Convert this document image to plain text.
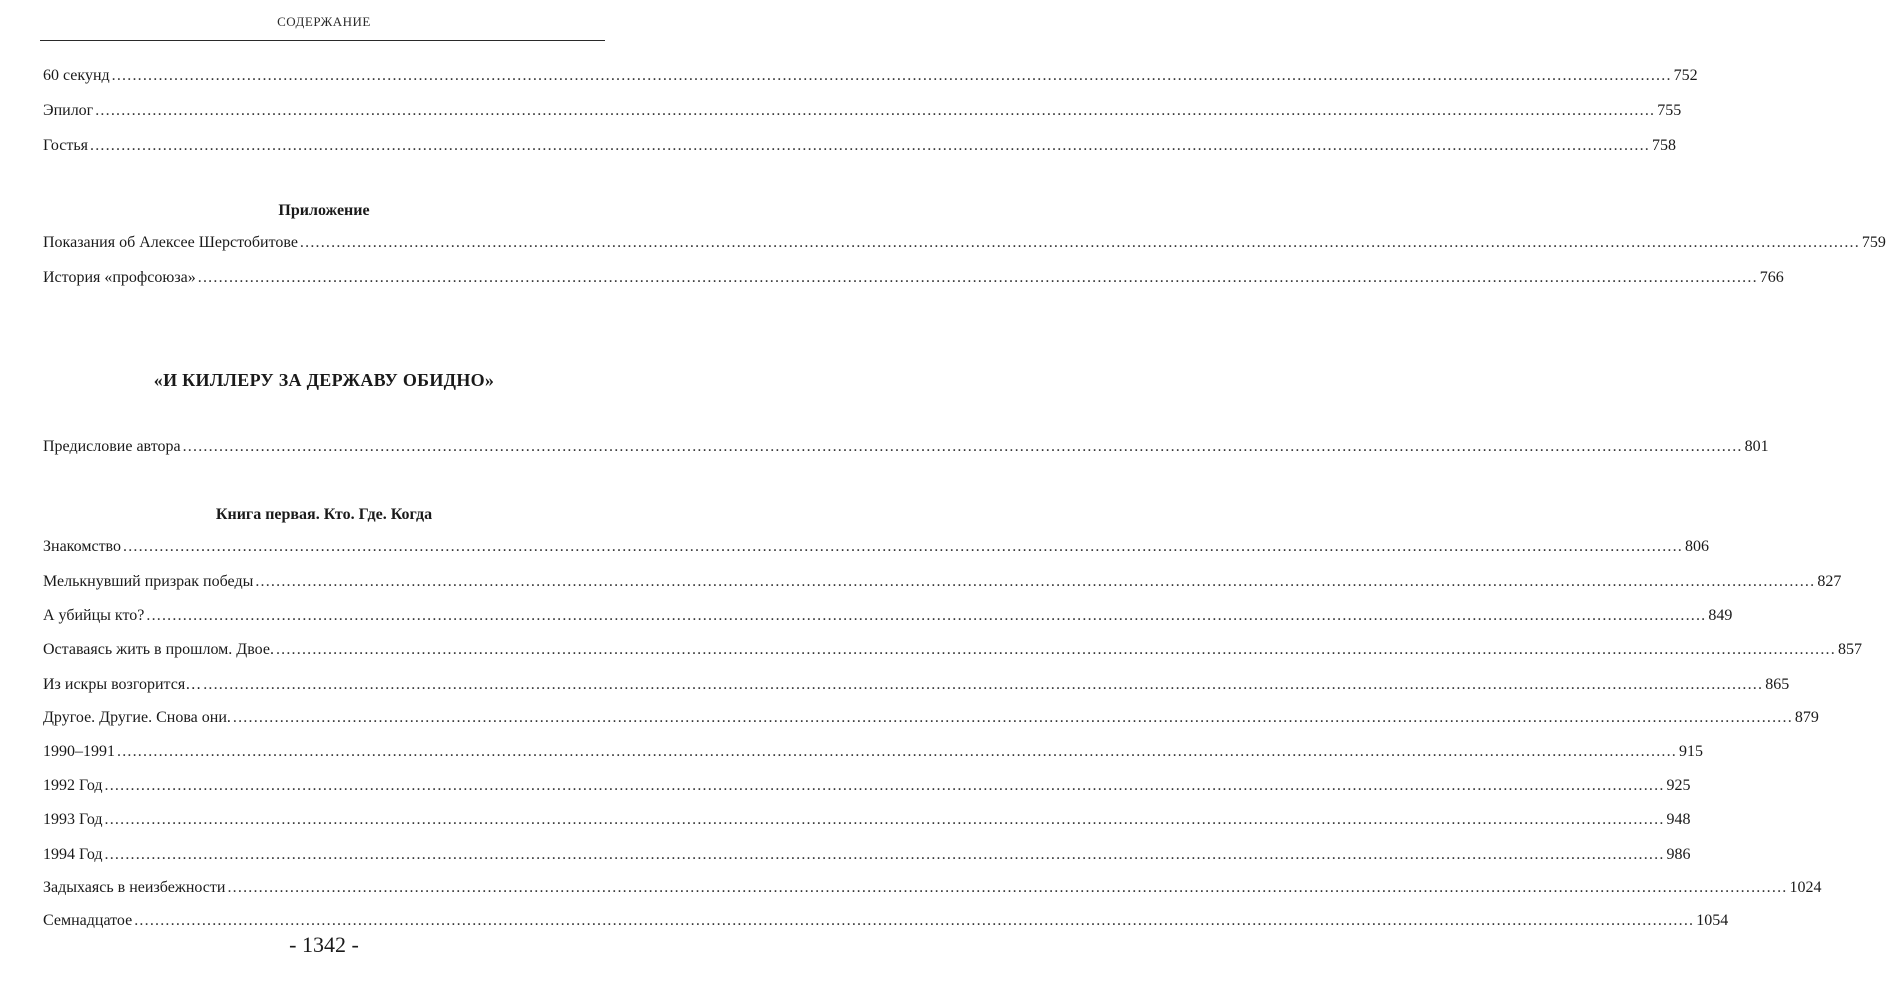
СОДЕРЖАНИЕ
60 секунд ............................................................................................................................................................................................................................................................................................................ 752
Эпилог ............................................................................................................................................................................................................................................................................................................ 755
Гостья ............................................................................................................................................................................................................................................................................................................ 758
Приложение
Показания об Алексее Шерстобитове ............................................................................................................................................................................................................................................................................................................ 759
История «профсоюза» ............................................................................................................................................................................................................................................................................................................ 766
«И КИЛЛЕРУ ЗА ДЕРЖАВУ ОБИДНО»
Предисловие автора ............................................................................................................................................................................................................................................................................................................ 801
Книга первая. Кто. Где. Когда
Знакомство ............................................................................................................................................................................................................................................................................................................ 806
Мелькнувший призрак победы ............................................................................................................................................................................................................................................................................................................ 827
А убийцы кто? ............................................................................................................................................................................................................................................................................................................ 849
Оставаясь жить в прошлом. Двое. ............................................................................................................................................................................................................................................................................................................ 857
Из искры возгорится… ............................................................................................................................................................................................................................................................................................................ 865
Другое. Другие. Снова они. ............................................................................................................................................................................................................................................................................................................ 879
1990–1991 ............................................................................................................................................................................................................................................................................................................ 915
1992 Год ............................................................................................................................................................................................................................................................................................................ 925
1993 Год ............................................................................................................................................................................................................................................................................................................ 948
1994 Год ............................................................................................................................................................................................................................................................................................................ 986
Задыхаясь в неизбежности ............................................................................................................................................................................................................................................................................................................ 1024
Семнадцатое ............................................................................................................................................................................................................................................................................................................ 1054
- 1342 -
